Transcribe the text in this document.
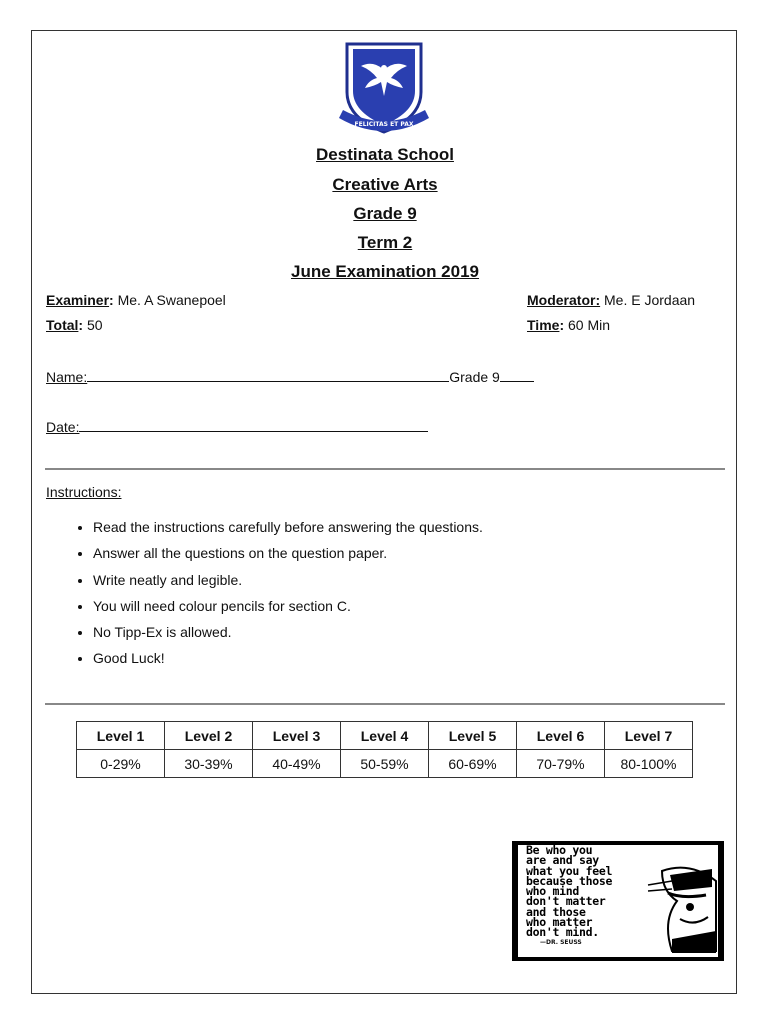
FELICITAS ET PAX
Destinata School
Creative Arts
Grade 9
Term 2
June Examination 2019
Examiner: Me. A Swanepoel	Moderator: Me. E Jordaan
Total: 50	Time: 60 Min
Name:	Grade 9
Date:
Instructions:
• Read the instructions carefully before answering the questions.
• Answer all the questions on the question paper.
• Write neatly and legible.
• You will need colour pencils for section C.
• No Tipp-Ex is allowed.
• Good Luck!
Level 1	Level 2	Level 3	Level 4	Level 5	Level 6	Level 7
0-29%	30-39%	40-49%	50-59%	60-69%	70-79%	80-100%
Be who you
are and say
what you feel
because those
who mind
don't matter
and those
who matter
don't mind.
—DR. SEUSS
